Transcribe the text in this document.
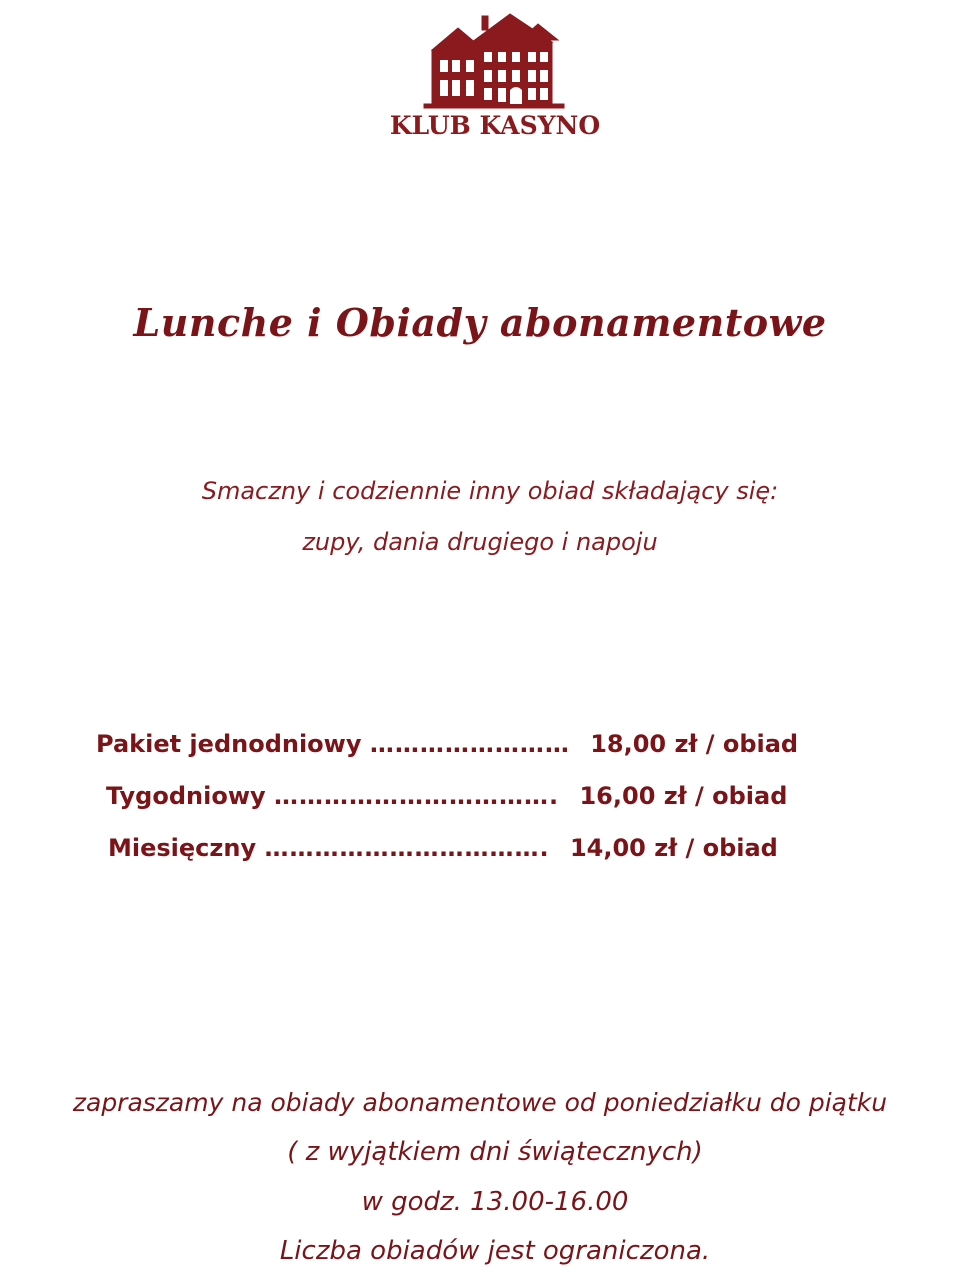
KLUB KASYNO
Lunche i Obiady abonamentowe
Smaczny i codziennie inny obiad składający się:
zupy, dania drugiego i napoju
Pakiet jednodniowy …………………… 18,00 zł / obiad
Tygodniowy ……………………………. 16,00 zł / obiad
Miesięczny ……………………………. 14,00 zł / obiad
zapraszamy na obiady abonamentowe od poniedziałku do piątku
( z wyjątkiem dni świątecznych)
w godz. 13.00-16.00
Liczba obiadów jest ograniczona.
